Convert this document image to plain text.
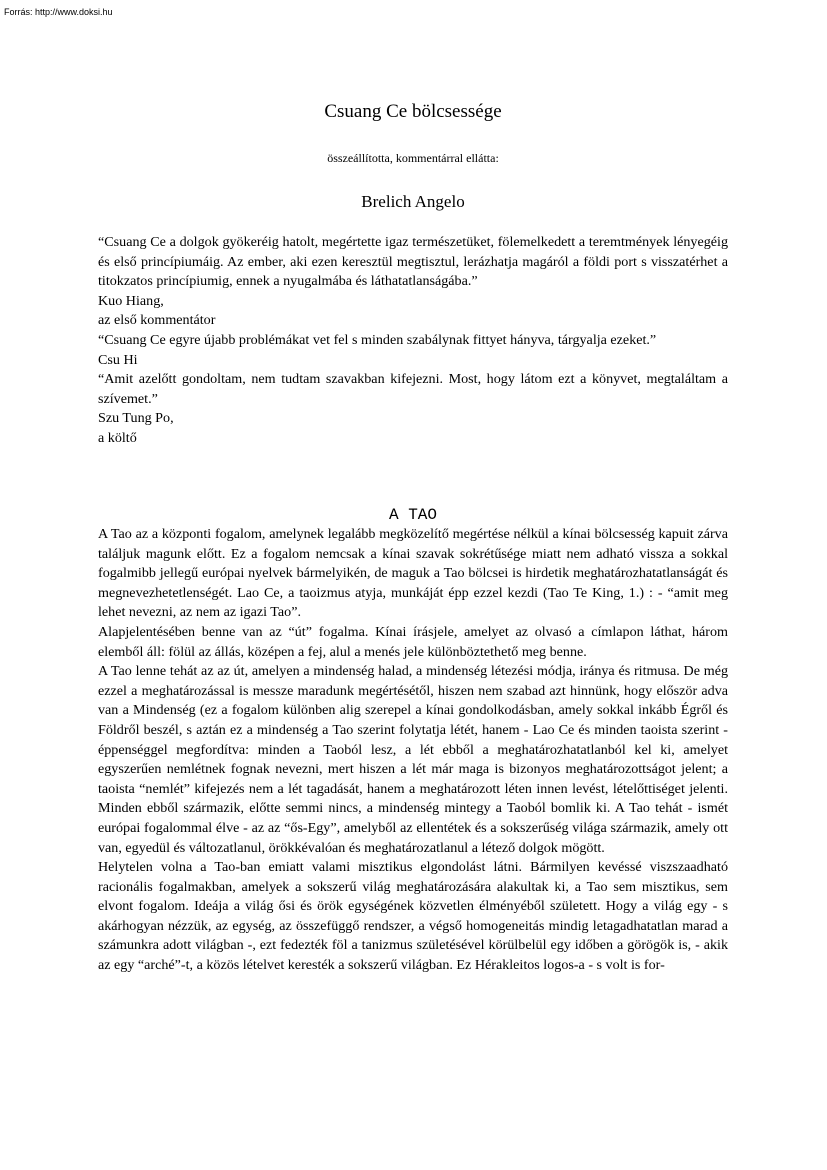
Forrás: http://www.doksi.hu
Csuang Ce bölcsessége
összeállította, kommentárral ellátta:
Brelich Angelo

“Csuang Ce a dolgok gyökeréig hatolt, megértette igaz természetüket, fölemelkedett a teremtmények lényegéig és első princípiumáig. Az ember, aki ezen keresztül megtisztul, lerázhatja magáról a földi port s visszatérhet a titokzatos princípiumig, ennek a nyugalmába és láthatatlanságába.”

Kuo Hiang,

az első kommentátor

“Csuang Ce egyre újabb problémákat vet fel s minden szabálynak fittyet hányva, tárgyalja ezeket.”

Csu Hi

“Amit azelőtt gondoltam, nem tudtam szavakban kifejezni. Most, hogy látom ezt a könyvet, megtaláltam a szívemet.”

Szu Tung Po,

a költő

A TAO

A Tao az a központi fogalom, amelynek legalább megközelítő megértése nélkül a kínai bölcsesség kapuit zárva találjuk magunk előtt. Ez a fogalom nemcsak a kínai szavak sokrétűsége miatt nem adható vissza a sokkal fogalmibb jellegű európai nyelvek bármelyikén, de maguk a Tao bölcsei is hirdetik meghatározhatatlanságát és megnevezhetetlenségét. Lao Ce, a taoizmus atyja, munkáját épp ezzel kezdi (Tao Te King, 1.) : - “amit meg lehet nevezni, az nem az igazi Tao”.

Alapjelentésében benne van az “út” fogalma. Kínai írásjele, amelyet az olvasó a címlapon láthat, három elemből áll: fölül az állás, középen a fej, alul a menés jele különböztethető meg benne.

A Tao lenne tehát az az út, amelyen a mindenség halad, a mindenség létezési módja, iránya és ritmusa. De még ezzel a meghatározással is messze maradunk megértésétől, hiszen nem szabad azt hinnünk, hogy először adva van a Mindenség (ez a fogalom különben alig szerepel a kínai gondolkodásban, amely sokkal inkább Égről és Földről beszél, s aztán ez a mindenség a Tao szerint folytatja létét, hanem - Lao Ce és minden taoista szerint - éppenséggel megfordítva: minden a Taoból lesz, a lét ebből a meghatározhatatlanból kel ki, amelyet egyszerűen nemlétnek fognak nevezni, mert hiszen a lét már maga is bizonyos meghatározottságot jelent; a taoista “nemlét” kifejezés nem a lét tagadását, hanem a meghatározott léten innen levést, lételőttiséget jelenti. Minden ebből származik, előtte semmi nincs, a mindenség mintegy a Taoból bomlik ki. A Tao tehát - ismét európai fogalommal élve - az az “ős-Egy”, amelyből az ellentétek és a sokszerűség világa származik, amely ott van, egyedül és változatlanul, örökkévalóan és meghatározatlanul a létező dolgok mögött.

Helytelen volna a Tao-ban emiatt valami misztikus elgondolást látni. Bármilyen kevéssé viszszaadható racionális fogalmakban, amelyek a sokszerű világ meghatározására alakultak ki, a Tao sem misztikus, sem elvont fogalom. Ideája a világ ősi és örök egységének közvetlen élményéből született. Hogy a világ egy - s akárhogyan nézzük, az egység, az összefüggő rendszer, a végső homogeneitás mindig letagadhatatlan marad a számunkra adott világban -, ezt fedezték föl a tanizmus születésével körülbelül egy időben a görögök is, - akik az egy “arché”-t, a közös lételvet keresték a sokszerű világban. Ez Hérakleitos logos-a - s volt is for-
